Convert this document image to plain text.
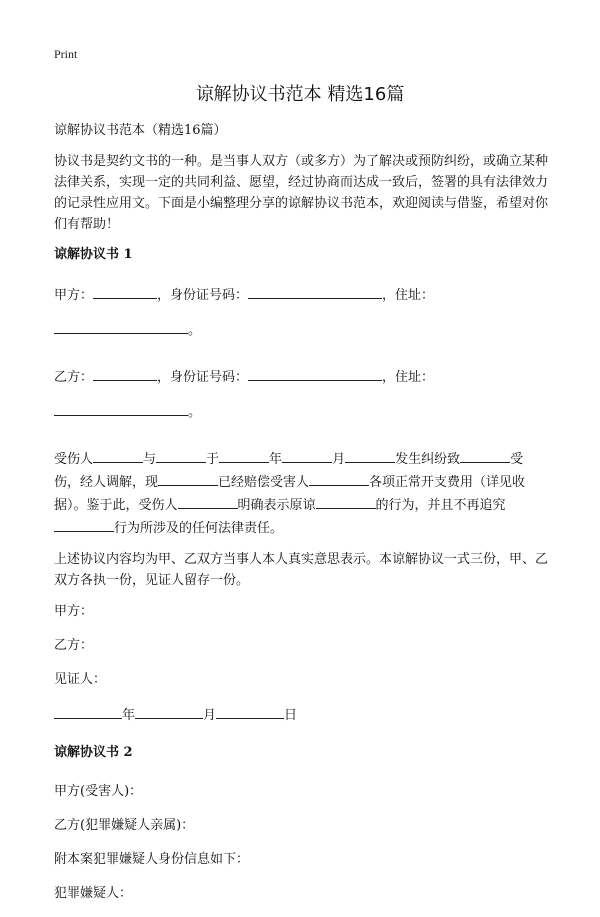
Print
谅解协议书范本 精选16篇

谅解协议书范本（精选16篇）

协议书是契约文书的一种。是当事人双方（或多方）为了解决或预防纠纷，或确立某种法律关系，实现一定的共同利益、愿望，经过协商而达成一致后，签署的具有法律效力的记录性应用文。下面是小编整理分享的谅解协议书范本，欢迎阅读与借鉴，希望对你们有帮助！

谅解协议书 1

甲方：	，身份证号码：	，住址：

。

乙方：	，身份证号码：	，住址：

。

受伤人	与	于	年	月	发生纠纷致	受伤，经人调解，现	已经赔偿受害人	各项正常开支费用（详见收据）。鉴于此，受伤人	明确表示原谅	的行为，并且不再追究行为所涉及的任何法律责任。

上述协议内容均为甲、乙双方当事人本人真实意思表示。本谅解协议一式三份，甲、乙双方各执一份，见证人留存一份。

甲方：

乙方：

见证人：

年	月	日

谅解协议书 2

甲方(受害人)：

乙方(犯罪嫌疑人亲属)：

附本案犯罪嫌疑人身份信息如下：

犯罪嫌疑人：
